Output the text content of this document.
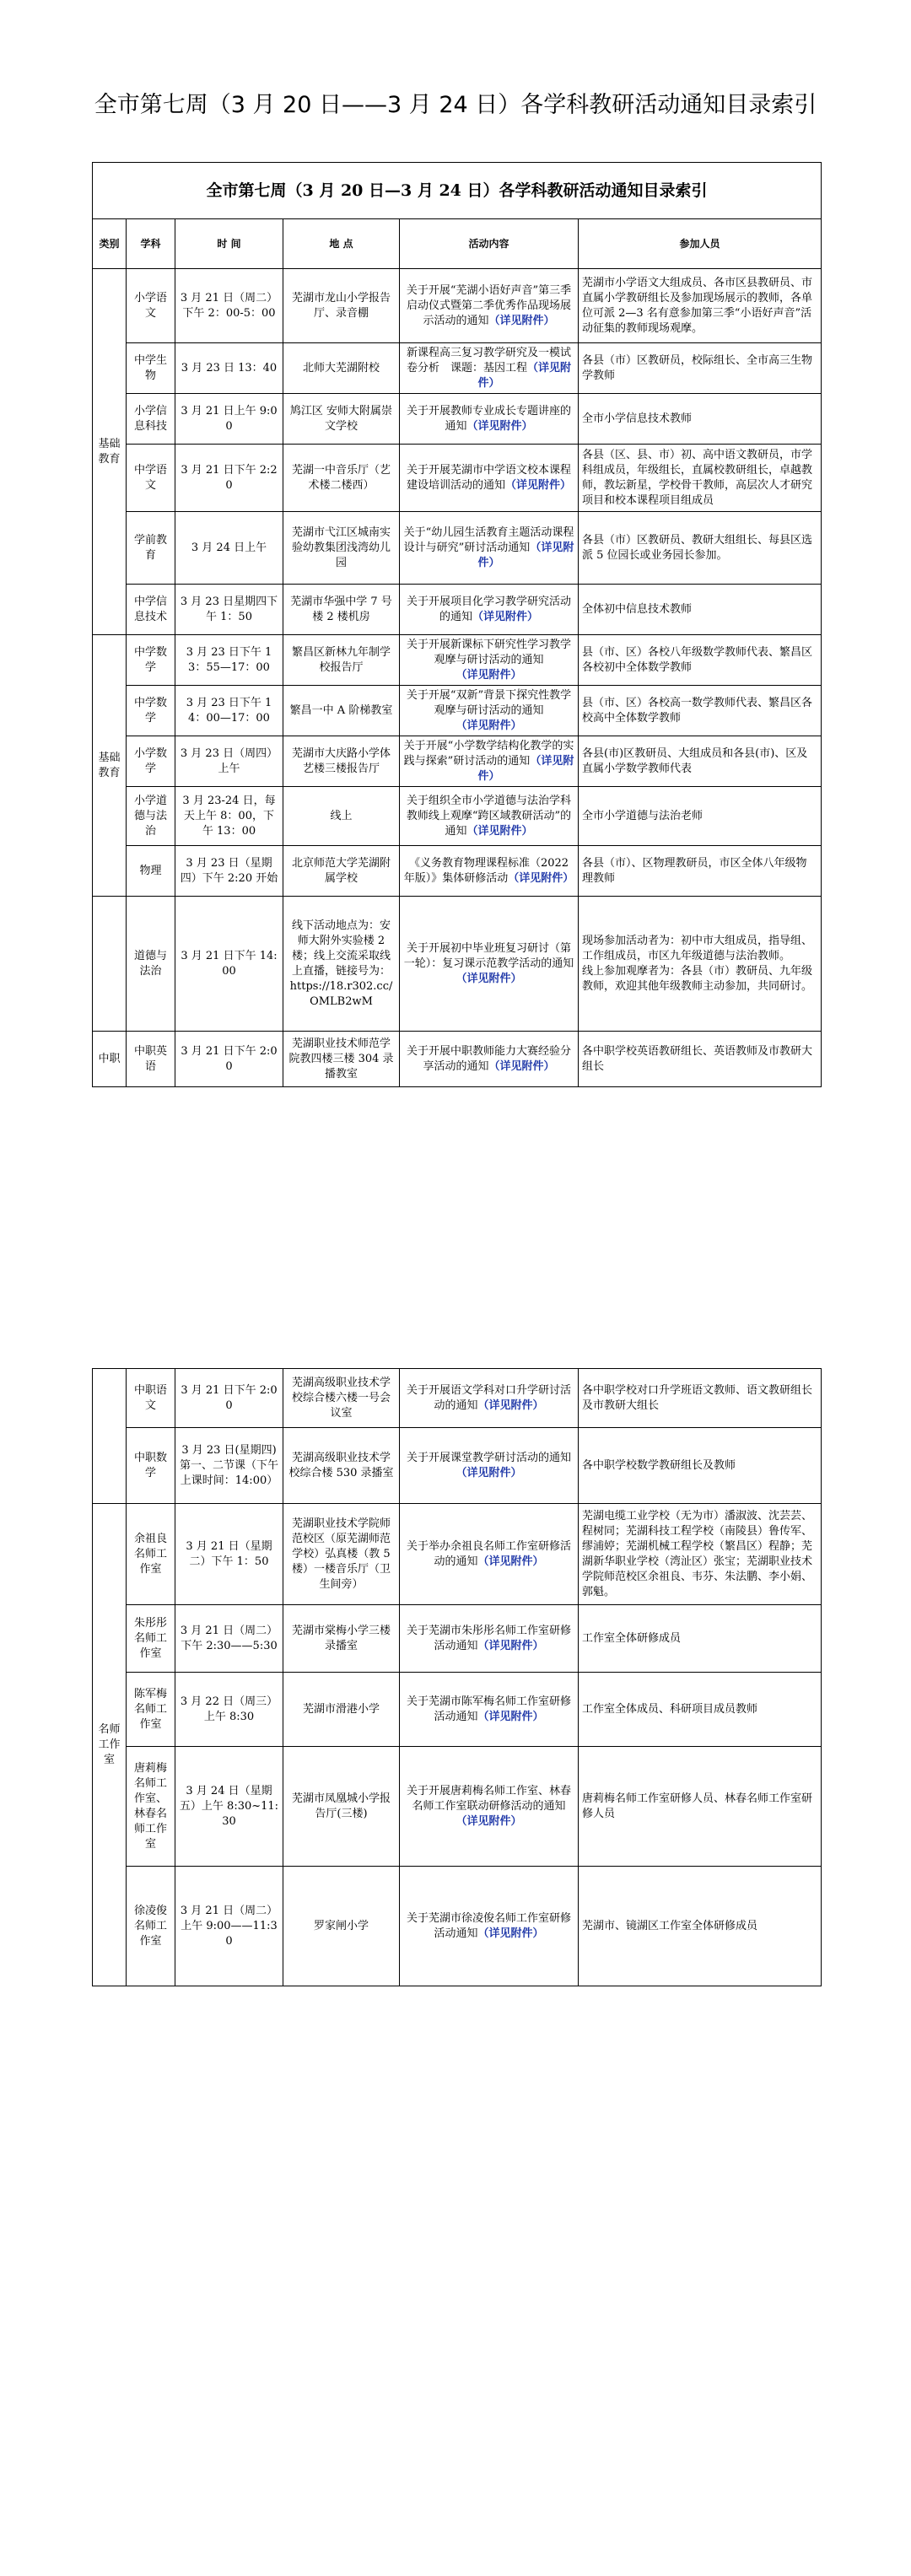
全市第七周（3 月 20 日——3 月 24 日）各学科教研活动通知目录索引
全市第七周（3 月 20 日—3 月 24 日）各学科教研活动通知目录索引					
类别	学科	时 间	地 点	活动内容	参加人员
基础教育	小学语文	3 月 21 日（周二）下午 2：00-5：00	芜湖市龙山小学报告厅、录音棚	关于开展“芜湖小语好声音”第三季启动仪式暨第二季优秀作品现场展示活动的通知（详见附件）	芜湖市小学语文大组成员、各市区县教研员、市直属小学教研组长及参加现场展示的教师，各单位可派 2—3 名有意参加第三季“小语好声音”活动征集的教师现场观摩。
	中学生物	3 月 23 日 13：40	北师大芜湖附校	新课程高三复习教学研究及一模试卷分析　课题：基因工程（详见附件）	各县（市）区教研员，校际组长、全市高三生物学教师
	小学信息科技	3 月 21 日上午 9:00	鸠江区 安师大附属崇文学校	关于开展教师专业成长专题讲座的通知（详见附件）	全市小学信息技术教师
	中学语文	3 月 21 日下午 2:20	芜湖一中音乐厅（艺术楼二楼西）	关于开展芜湖市中学语文校本课程建设培训活动的通知（详见附件）	各县（区、县、市）初、高中语文教研员，市学科组成员，年级组长，直属校教研组长，卓越教师，教坛新星，学校骨干教师，高层次人才研究项目和校本课程项目组成员
	学前教育	3 月 24 日上午	芜湖市弋江区城南实验幼教集团浅湾幼儿园	关于“幼儿园生活教育主题活动课程设计与研究”研讨活动通知（详见附件）	各县（市）区教研员、教研大组组长、每县区选派 5 位园长或业务园长参加。
	中学信息技术	3 月 23 日星期四下午 1：50	芜湖市华强中学 7 号楼 2 楼机房	关于开展项目化学习教学研究活动的通知（详见附件）	全体初中信息技术教师
基础教育	中学数学	3 月 23 日下午 13：55—17：00	繁昌区新林九年制学校报告厅	关于开展新课标下研究性学习教学观摩与研讨活动的通知（详见附件）	县（市、区）各校八年级数学教师代表、繁昌区各校初中全体数学教师
	中学数学	3 月 23 日下午 14：00—17：00	繁昌一中 A 阶梯教室	关于开展“双新”背景下探究性教学观摩与研讨活动的通知（详见附件）	县（市、区）各校高一数学教师代表、繁昌区各校高中全体数学教师
	小学数学	3 月 23 日（周四）上午	芜湖市大庆路小学体艺楼三楼报告厅	关于开展“小学数学结构化教学的实践与探索”研讨活动的通知（详见附件）	各县(市)区教研员、大组成员和各县(市)、区及直属小学数学教师代表
	小学道德与法治	3 月 23-24 日，每天上午 8：00，下午 13：00	线上	关于组织全市小学道德与法治学科教师线上观摩“跨区域教研活动”的通知（详见附件）	全市小学道德与法治老师
	物理	3 月 23 日（星期四）下午 2:20 开始	北京师范大学芜湖附属学校	《义务教育物理课程标准（2022 年版）》集体研修活动（详见附件）	各县（市）、区物理教研员，市区全体八年级物理教师
	道德与法治	3 月 21 日下午 14:00	线下活动地点为：安师大附外实验楼 2 楼；线上交流采取线上直播，链接号为： https://18.r302.cc/OMLB2wM	关于开展初中毕业班复习研讨（第一轮）：复习课示范教学活动的通知（详见附件）	现场参加活动者为：初中市大组成员，指导组、工作组成员，市区九年级道德与法治教师。
线上参加观摩者为：各县（市）教研员、九年级教师，欢迎其他年级教师主动参加，共同研讨。
中职	中职英语	3 月 21 日下午 2:00	芜湖职业技术师范学院教四楼三楼 304 录播教室	关于开展中职教师能力大赛经验分享活动的通知（详见附件）	各中职学校英语教研组长、英语教师及市教研大组长
	中职语文	3 月 21 日下午 2:00	芜湖高级职业技术学校综合楼六楼一号会议室	关于开展语文学科对口升学研讨活动的通知（详见附件）	各中职学校对口升学班语文教师、语文教研组长及市教研大组长
	中职数学	3 月 23 日(星期四)第一、二节课（下午上课时间：14:00）	芜湖高级职业技术学校综合楼 530 录播室	关于开展课堂教学研讨活动的通知（详见附件）	各中职学校数学教研组长及教师
名师工作室	余祖良名师工作室	3 月 21 日（星期二）下午 1：50	芜湖职业技术学院师范校区（原芜湖师范学校）弘真楼（教 5 楼）一楼音乐厅（卫生间旁）	关于举办余祖良名师工作室研修活动的通知（详见附件）	芜湖电缆工业学校（无为市）潘淑波、沈芸芸、程树同；芜湖科技工程学校（南陵县）鲁传军、缪浦婷；芜湖机械工程学校（繁昌区）程静；芜湖新华职业学校（湾沚区）张宝；芜湖职业技术学院师范校区余祖良、韦芬、朱法鹏、李小娟、郭魁。
	朱彤彤名师工作室	3 月 21 日（周二）下午 2:30——5:30	芜湖市棠梅小学三楼录播室	关于芜湖市朱彤彤名师工作室研修活动通知（详见附件）	工作室全体研修成员
	陈军梅名师工作室	3 月 22 日（周三）上午 8:30	芜湖市滑港小学	关于芜湖市陈军梅名师工作室研修活动通知（详见附件）	工作室全体成员、科研项目成员教师
	唐莉梅名师工作室、林春名师工作室	3 月 24 日（星期五）上午 8:30~11:30	芜湖市凤凰城小学报告厅(三楼)	关于开展唐莉梅名师工作室、林春名师工作室联动研修活动的通知（详见附件）	唐莉梅名师工作室研修人员、林春名师工作室研修人员
	徐凌俊名师工作室	3 月 21 日（周二）上午 9:00——11:30	罗家闸小学	关于芜湖市徐凌俊名师工作室研修活动通知（详见附件）	芜湖市、镜湖区工作室全体研修成员
